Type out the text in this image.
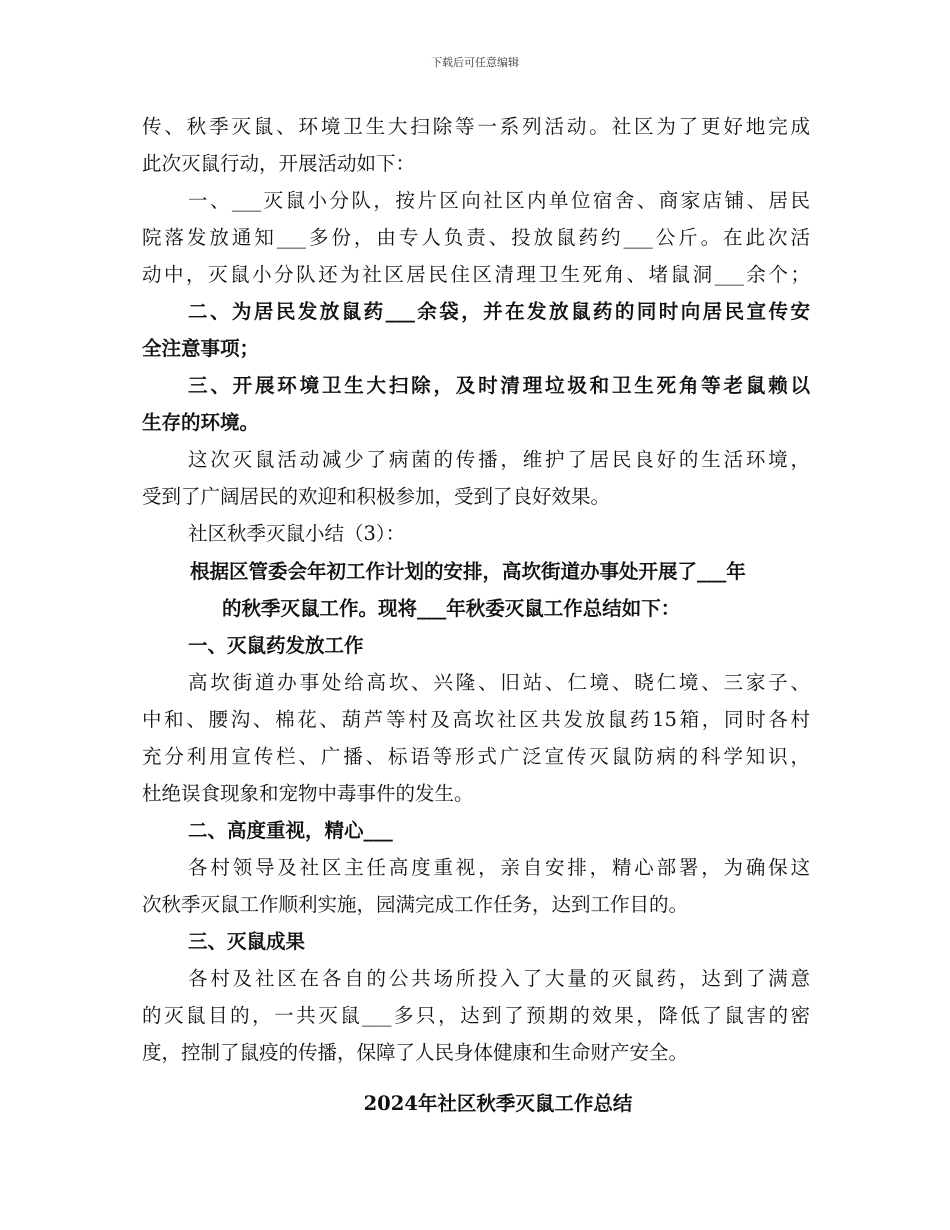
下载后可任意编辑
传、秋季灭鼠、环境卫生大扫除等一系列活动。社区为了更好地完成
此次灭鼠行动，开展活动如下：
一、___灭鼠小分队，按片区向社区内单位宿舍、商家店铺、居民
院落发放通知___多份，由专人负责、投放鼠药约___公斤。在此次活
动中，灭鼠小分队还为社区居民住区清理卫生死角、堵鼠洞___余个；
二、为居民发放鼠药___余袋，并在发放鼠药的同时向居民宣传安
全注意事项；
三、开展环境卫生大扫除，及时清理垃圾和卫生死角等老鼠赖以
生存的环境。
这次灭鼠活动减少了病菌的传播，维护了居民良好的生活环境，
受到了广阔居民的欢迎和积极参加，受到了良好效果。
社区秋季灭鼠小结（3）：
根据区管委会年初工作计划的安排，高坎街道办事处开展了___年
的秋季灭鼠工作。现将___年秋委灭鼠工作总结如下：
一、灭鼠药发放工作
高坎街道办事处给高坎、兴隆、旧站、仁境、晓仁境、三家子、
中和、腰沟、棉花、葫芦等村及高坎社区共发放鼠药15箱，同时各村
充分利用宣传栏、广播、标语等形式广泛宣传灭鼠防病的科学知识，
杜绝误食现象和宠物中毒事件的发生。
二、高度重视，精心___
各村领导及社区主任高度重视，亲自安排，精心部署，为确保这
次秋季灭鼠工作顺利实施，园满完成工作任务，达到工作目的。
三、灭鼠成果
各村及社区在各自的公共场所投入了大量的灭鼠药，达到了满意
的灭鼠目的，一共灭鼠___多只，达到了预期的效果，降低了鼠害的密
度，控制了鼠疫的传播，保障了人民身体健康和生命财产安全。
2024年社区秋季灭鼠工作总结
